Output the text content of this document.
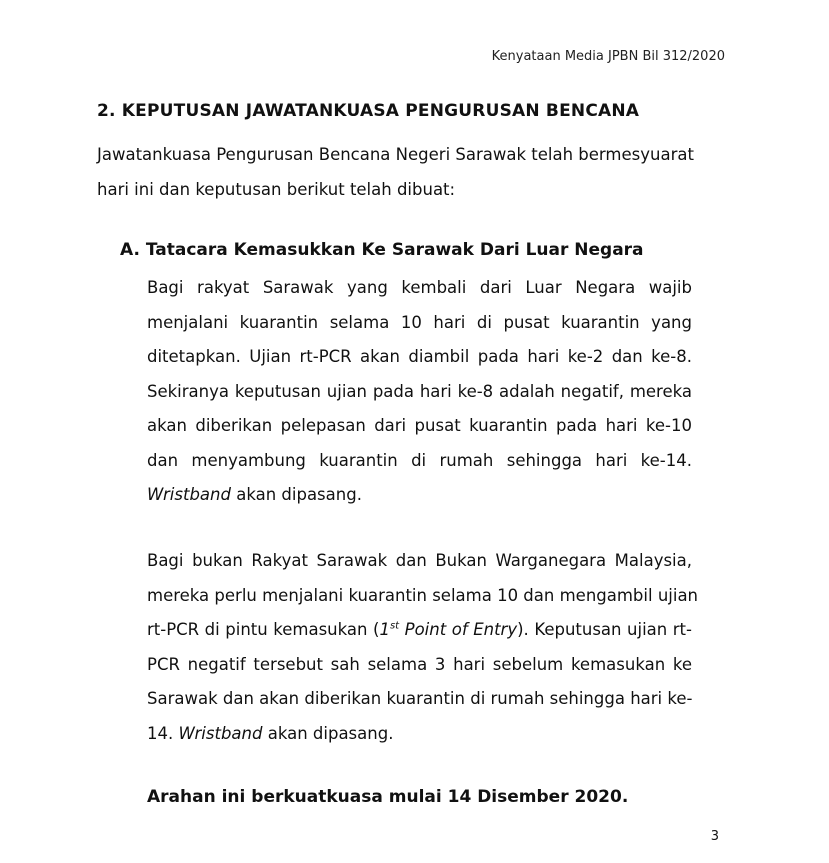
Kenyataan Media JPBN Bil 312/2020
2. KEPUTUSAN JAWATANKUASA PENGURUSAN BENCANA
Jawatankuasa Pengurusan Bencana Negeri Sarawak telah bermesyuarat
hari ini dan keputusan berikut telah dibuat:
A. Tatacara Kemasukkan Ke Sarawak Dari Luar Negara
Bagi rakyat Sarawak yang kembali dari Luar Negara wajib
menjalani kuarantin selama 10 hari di pusat kuarantin yang
ditetapkan. Ujian rt-PCR akan diambil pada hari ke-2 dan ke-8.
Sekiranya keputusan ujian pada hari ke-8 adalah negatif, mereka
akan diberikan pelepasan dari pusat kuarantin pada hari ke-10
dan menyambung kuarantin di rumah sehingga hari ke-14.
Wristband akan dipasang.
Bagi bukan Rakyat Sarawak dan Bukan Warganegara Malaysia,
mereka perlu menjalani kuarantin selama 10 dan mengambil ujian
rt-PCR di pintu kemasukan (1st Point of Entry). Keputusan ujian rt-
PCR negatif tersebut sah selama 3 hari sebelum kemasukan ke
Sarawak dan akan diberikan kuarantin di rumah sehingga hari ke-
14. Wristband akan dipasang.
Arahan ini berkuatkuasa mulai 14 Disember 2020.
3
